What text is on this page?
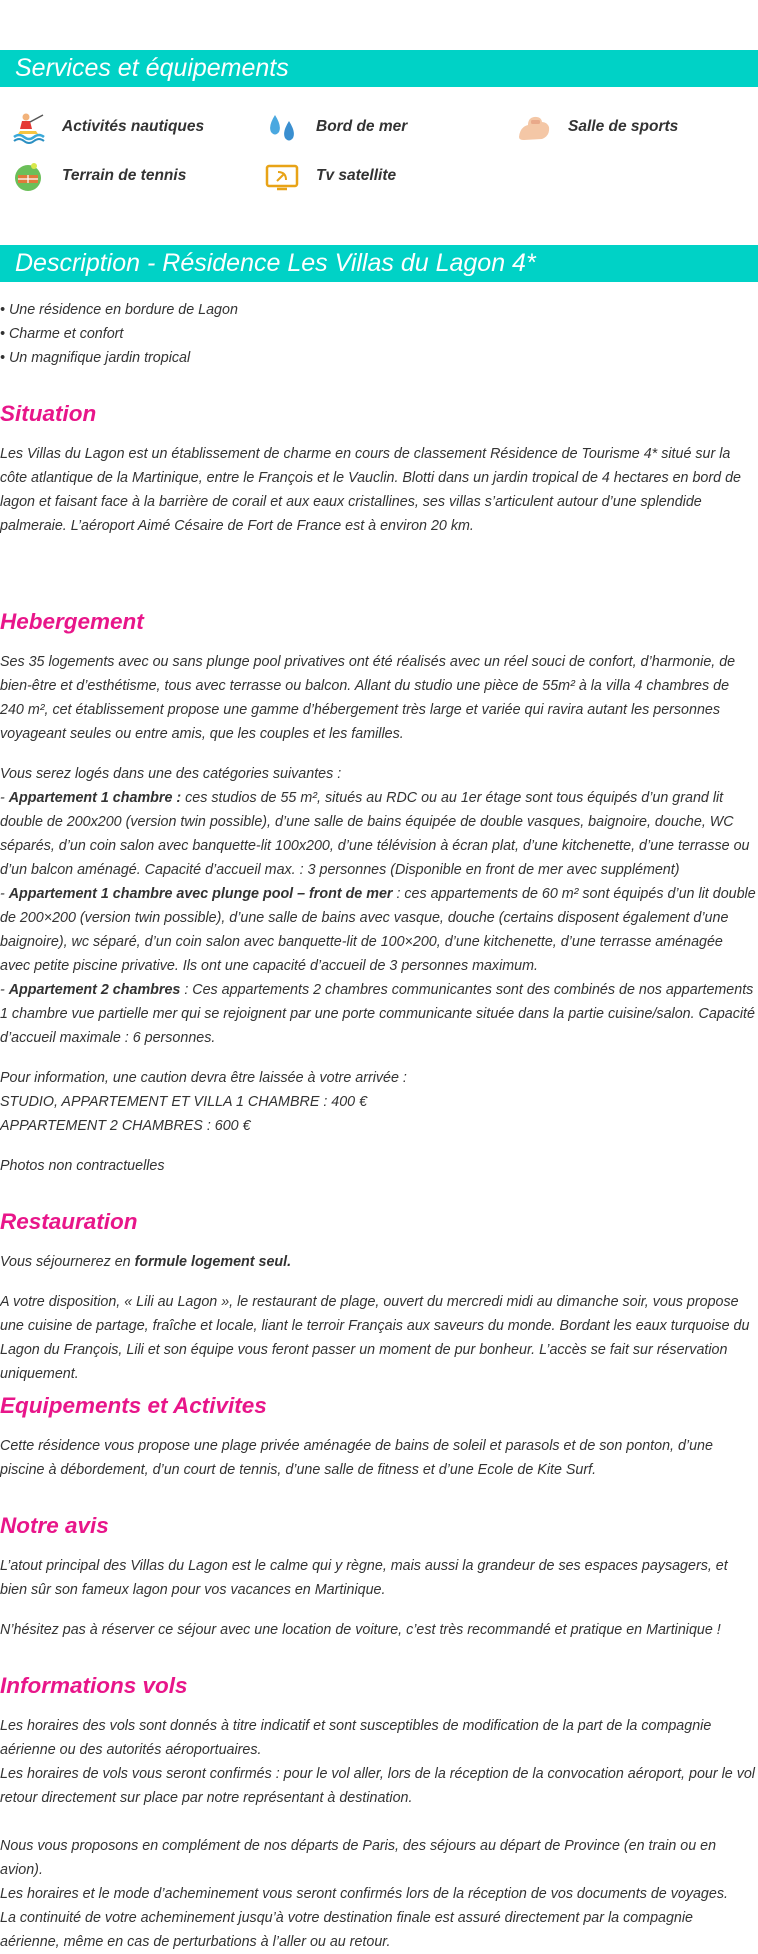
Services et équipements
Activités nautiques	Bord de mer	Salle de sports
Terrain de tennis	Tv satellite
Description - Résidence Les Villas du Lagon 4*

• Une résidence en bordure de Lagon

• Charme et confort

• Un magnifique jardin tropical

Situation

Les Villas du Lagon est un établissement de charme en cours de classement Résidence de Tourisme 4* situé sur la côte atlantique de la Martinique, entre le François et le Vauclin. Blotti dans un jardin tropical de 4 hectares en bord de lagon et faisant face à la barrière de corail et aux eaux cristallines, ses villas s’articulent autour d’une splendide palmeraie. L’aéroport Aimé Césaire de Fort de France est à environ 20 km.

Hebergement

Ses 35 logements avec ou sans plunge pool privatives ont été réalisés avec un réel souci de confort, d’harmonie, de bien-être et d’esthétisme, tous avec terrasse ou balcon. Allant du studio une pièce de 55m² à la villa 4 chambres de 240 m², cet établissement propose une gamme d’hébergement très large et variée qui ravira autant les personnes voyageant seules ou entre amis, que les couples et les familles.

Vous serez logés dans une des catégories suivantes :
- Appartement 1 chambre : ces studios de 55 m², situés au RDC ou au 1er étage sont tous équipés d’un grand lit double de 200x200 (version twin possible), d’une salle de bains équipée de double vasques, baignoire, douche, WC séparés, d’un coin salon avec banquette-lit 100x200, d’une télévision à écran plat, d’une kitchenette, d’une terrasse ou d’un balcon aménagé. Capacité d’accueil max. : 3 personnes (Disponible en front de mer avec supplément)
- Appartement 1 chambre avec plunge pool – front de mer : ces appartements de 60 m² sont équipés d’un lit double de 200×200 (version twin possible), d’une salle de bains avec vasque, douche (certains disposent également d’une baignoire), wc séparé, d’un coin salon avec banquette-lit de 100×200, d’une kitchenette, d’une terrasse aménagée avec petite piscine privative. Ils ont une capacité d’accueil de 3 personnes maximum.
- Appartement 2 chambres : Ces appartements 2 chambres communicantes sont des combinés de nos appartements 1 chambre vue partielle mer qui se rejoignent par une porte communicante située dans la partie cuisine/salon. Capacité d’accueil maximale : 6 personnes.

Pour information, une caution devra être laissée à votre arrivée :
STUDIO, APPARTEMENT ET VILLA 1 CHAMBRE : 400 €
APPARTEMENT 2 CHAMBRES : 600 €

Photos non contractuelles

Restauration

Vous séjournerez en formule logement seul.

A votre disposition, « Lili au Lagon », le restaurant de plage, ouvert du mercredi midi au dimanche soir, vous propose une cuisine de partage, fraîche et locale, liant le terroir Français aux saveurs du monde. Bordant les eaux turquoise du Lagon du François, Lili et son équipe vous feront passer un moment de pur bonheur. L’accès se fait sur réservation uniquement.

Equipements et Activites

Cette résidence vous propose une plage privée aménagée de bains de soleil et parasols et de son ponton, d’une piscine à débordement, d’un court de tennis, d’une salle de fitness et d’une Ecole de Kite Surf.

Notre avis

L’atout principal des Villas du Lagon est le calme qui y règne, mais aussi la grandeur de ses espaces paysagers, et bien sûr son fameux lagon pour vos vacances en Martinique.

N’hésitez pas à réserver ce séjour avec une location de voiture, c’est très recommandé et pratique en Martinique !

Informations vols

Les horaires des vols sont donnés à titre indicatif et sont susceptibles de modification de la part de la compagnie aérienne ou des autorités aéroportuaires.
Les horaires de vols vous seront confirmés : pour le vol aller, lors de la réception de la convocation aéroport, pour le vol retour directement sur place par notre représentant à destination.

Nous vous proposons en complément de nos départs de Paris, des séjours au départ de Province (en train ou en avion).
Les horaires et le mode d’acheminement vous seront confirmés lors de la réception de vos documents de voyages.
La continuité de votre acheminement jusqu’à votre destination finale est assuré directement par la compagnie aérienne, même en cas de perturbations à l’aller ou au retour.
